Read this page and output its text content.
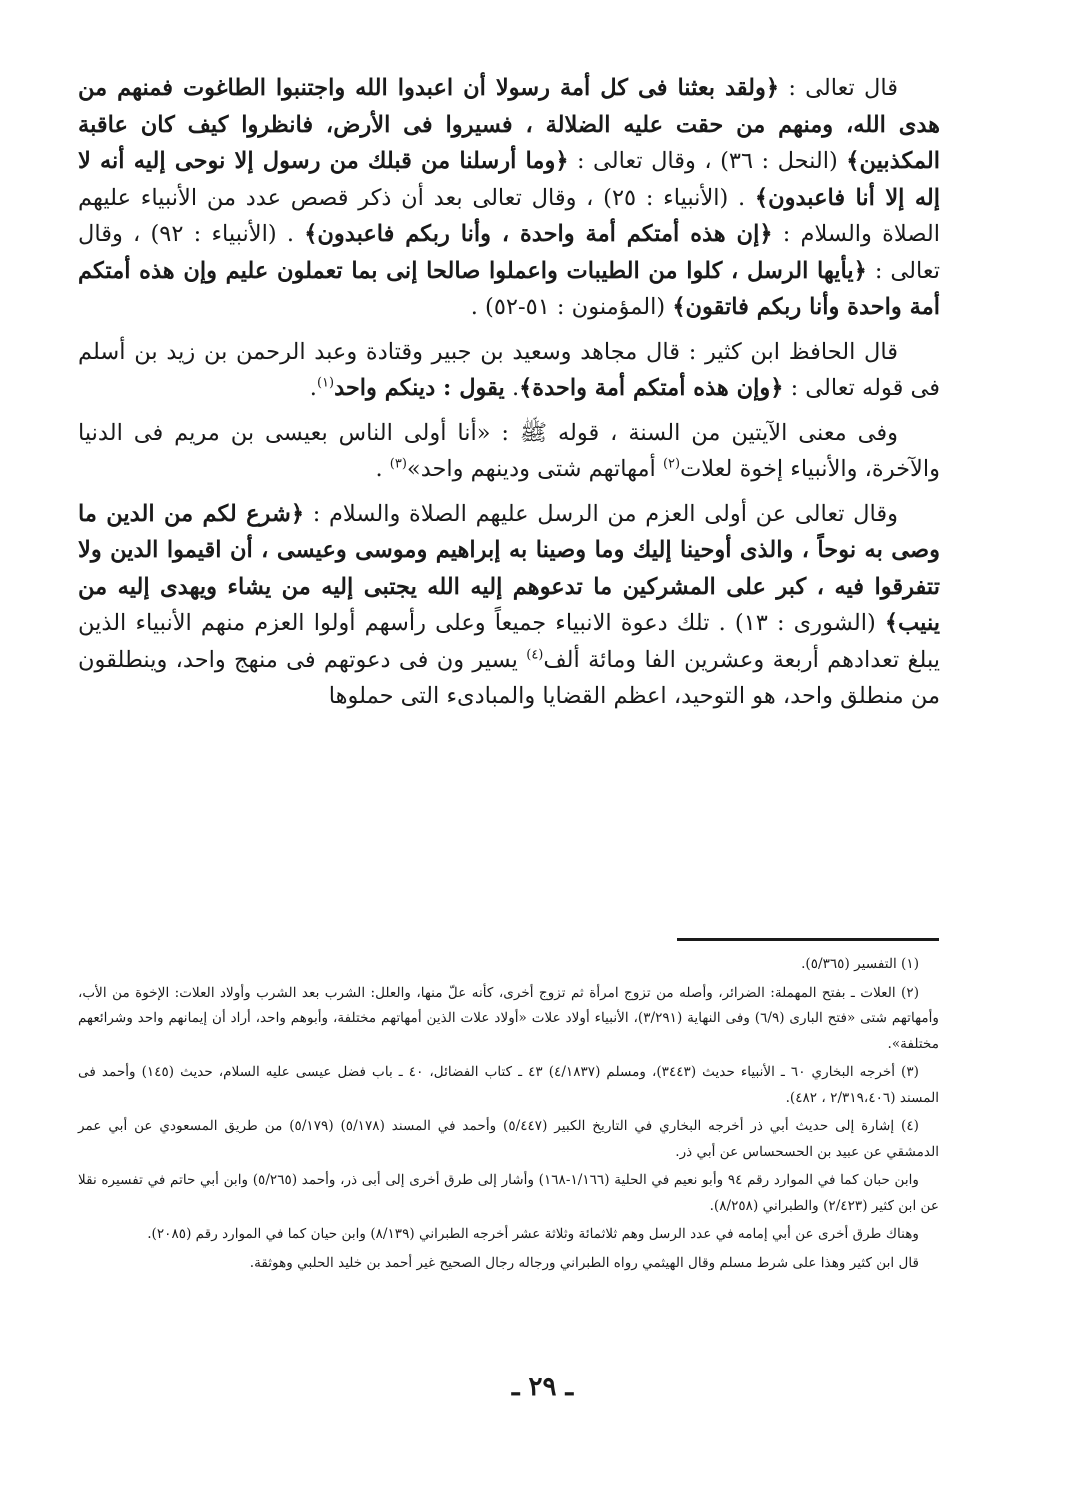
قال تعالى : ﴿ولقد بعثنا فى كل أمة رسولا أن اعبدوا الله واجتنبوا الطاغوت فمنهم من هدى الله، ومنهم من حقت عليه الضلالة ، فسيروا فى الأرض، فانظروا كيف كان عاقبة المكذبين﴾ (النحل : ٣٦) ، وقال تعالى : ﴿وما أرسلنا من قبلك من رسول إلا نوحى إليه أنه لا إله إلا أنا فاعبدون﴾ . (الأنبياء : ٢٥) ، وقال تعالى بعد أن ذكر قصص عدد من الأنبياء عليهم الصلاة والسلام : ﴿إن هذه أمتكم أمة واحدة ، وأنا ربكم فاعبدون﴾ . (الأنبياء : ٩٢) ، وقال تعالى : ﴿يأيها الرسل ، كلوا من الطيبات واعملوا صالحا إنى بما تعملون عليم وإن هذه أمتكم أمة واحدة وأنا ربكم فاتقون﴾ (المؤمنون : ٥١-٥٢) .

قال الحافظ ابن كثير : قال مجاهد وسعيد بن جبير وقتادة وعبد الرحمن بن زيد بن أسلم فى قوله تعالى : ﴿وإن هذه أمتكم أمة واحدة﴾. يقول : دينكم واحد$^{(١)}$.

وفى معنى الآيتين من السنة ، قوله ﷺ : «أنا أولى الناس بعيسى بن مريم فى الدنيا والآخرة، والأنبياء إخوة لعلات$^{(٢)}$ أمهاتهم شتى ودينهم واحد»$^{(٣)}$ .

وقال تعالى عن أولى العزم من الرسل عليهم الصلاة والسلام : ﴿شرع لكم من الدين ما وصى به نوحاً ، والذى أوحينا إليك وما وصينا به إبراهيم وموسى وعيسى ، أن اقيموا الدين ولا تتفرقوا فيه ، كبر على المشركين ما تدعوهم إليه الله يجتبى إليه من يشاء ويهدى إليه من ينيب﴾ (الشورى : ١٣) . تلك دعوة الانبياء جميعاً وعلى رأسهم أولوا العزم منهم الأنبياء الذين يبلغ تعدادهم أربعة وعشرين الفا ومائة ألف$^{(٤)}$ يسير ون فى دعوتهم فى منهج واحد، وينطلقون من منطلق واحد، هو التوحيد، اعظم القضايا والمبادىء التى حملوها

(١) التفسير (٥/٣٦٥).

(٢) العلات ـ بفتح المهملة: الضرائر، وأصله من تزوج امرأة ثم تزوج أخرى، كأنه علّ منها، والعلل: الشرب بعد الشرب وأولاد العلات: الإخوة من الأب، وأمهاتهم شتى «فتح البارى (٦/٩) وفى النهاية (٣/٢٩١)، الأنبياء أولاد علات «أولاد علات الذين أمهاتهم مختلفة، وأبوهم واحد، أراد أن إيمانهم واحد وشرائعهم مختلفة».

(٣) أخرجه البخاري ٦٠ ـ الأنبياء حديث (٣٤٤٣)، ومسلم (٤/١٨٣٧) ٤٣ ـ كتاب الفضائل، ٤٠ ـ باب فضل عيسى عليه السلام، حديث (١٤٥) وأحمد فى المسند (٢/٣١٩،٤٠٦ ، ٤٨٢).

(٤) إشارة إلى حديث أبي ذر أخرجه البخاري في التاريخ الكبير (٥/٤٤٧) وأحمد في المسند (٥/١٧٨) (٥/١٧٩) من طريق المسعودي عن أبي عمر الدمشقي عن عبيد بن الحسحساس عن أبي ذر.

وابن حبان كما في الموارد رقم ٩٤ وأبو نعيم في الحلية (١/١٦٦-١٦٨) وأشار إلى طرق أخرى إلى أبى ذر، وأحمد (٥/٢٦٥) وابن أبي حاتم في تفسيره نقلا عن ابن كثير (٢/٤٢٣) والطبراني (٨/٢٥٨).

وهناك طرق أخرى عن أبي إمامه في عدد الرسل وهم ثلاثمائة وثلاثة عشر أخرجه الطبراني (٨/١٣٩) وابن حيان كما في الموارد رقم (٢٠٨٥).

قال ابن كثير وهذا على شرط مسلم وقال الهيثمي رواه الطبراني ورجاله رجال الصحيح غير أحمد بن خليد الحلبي وهوثقة.

ـ ٢٩ ـ
